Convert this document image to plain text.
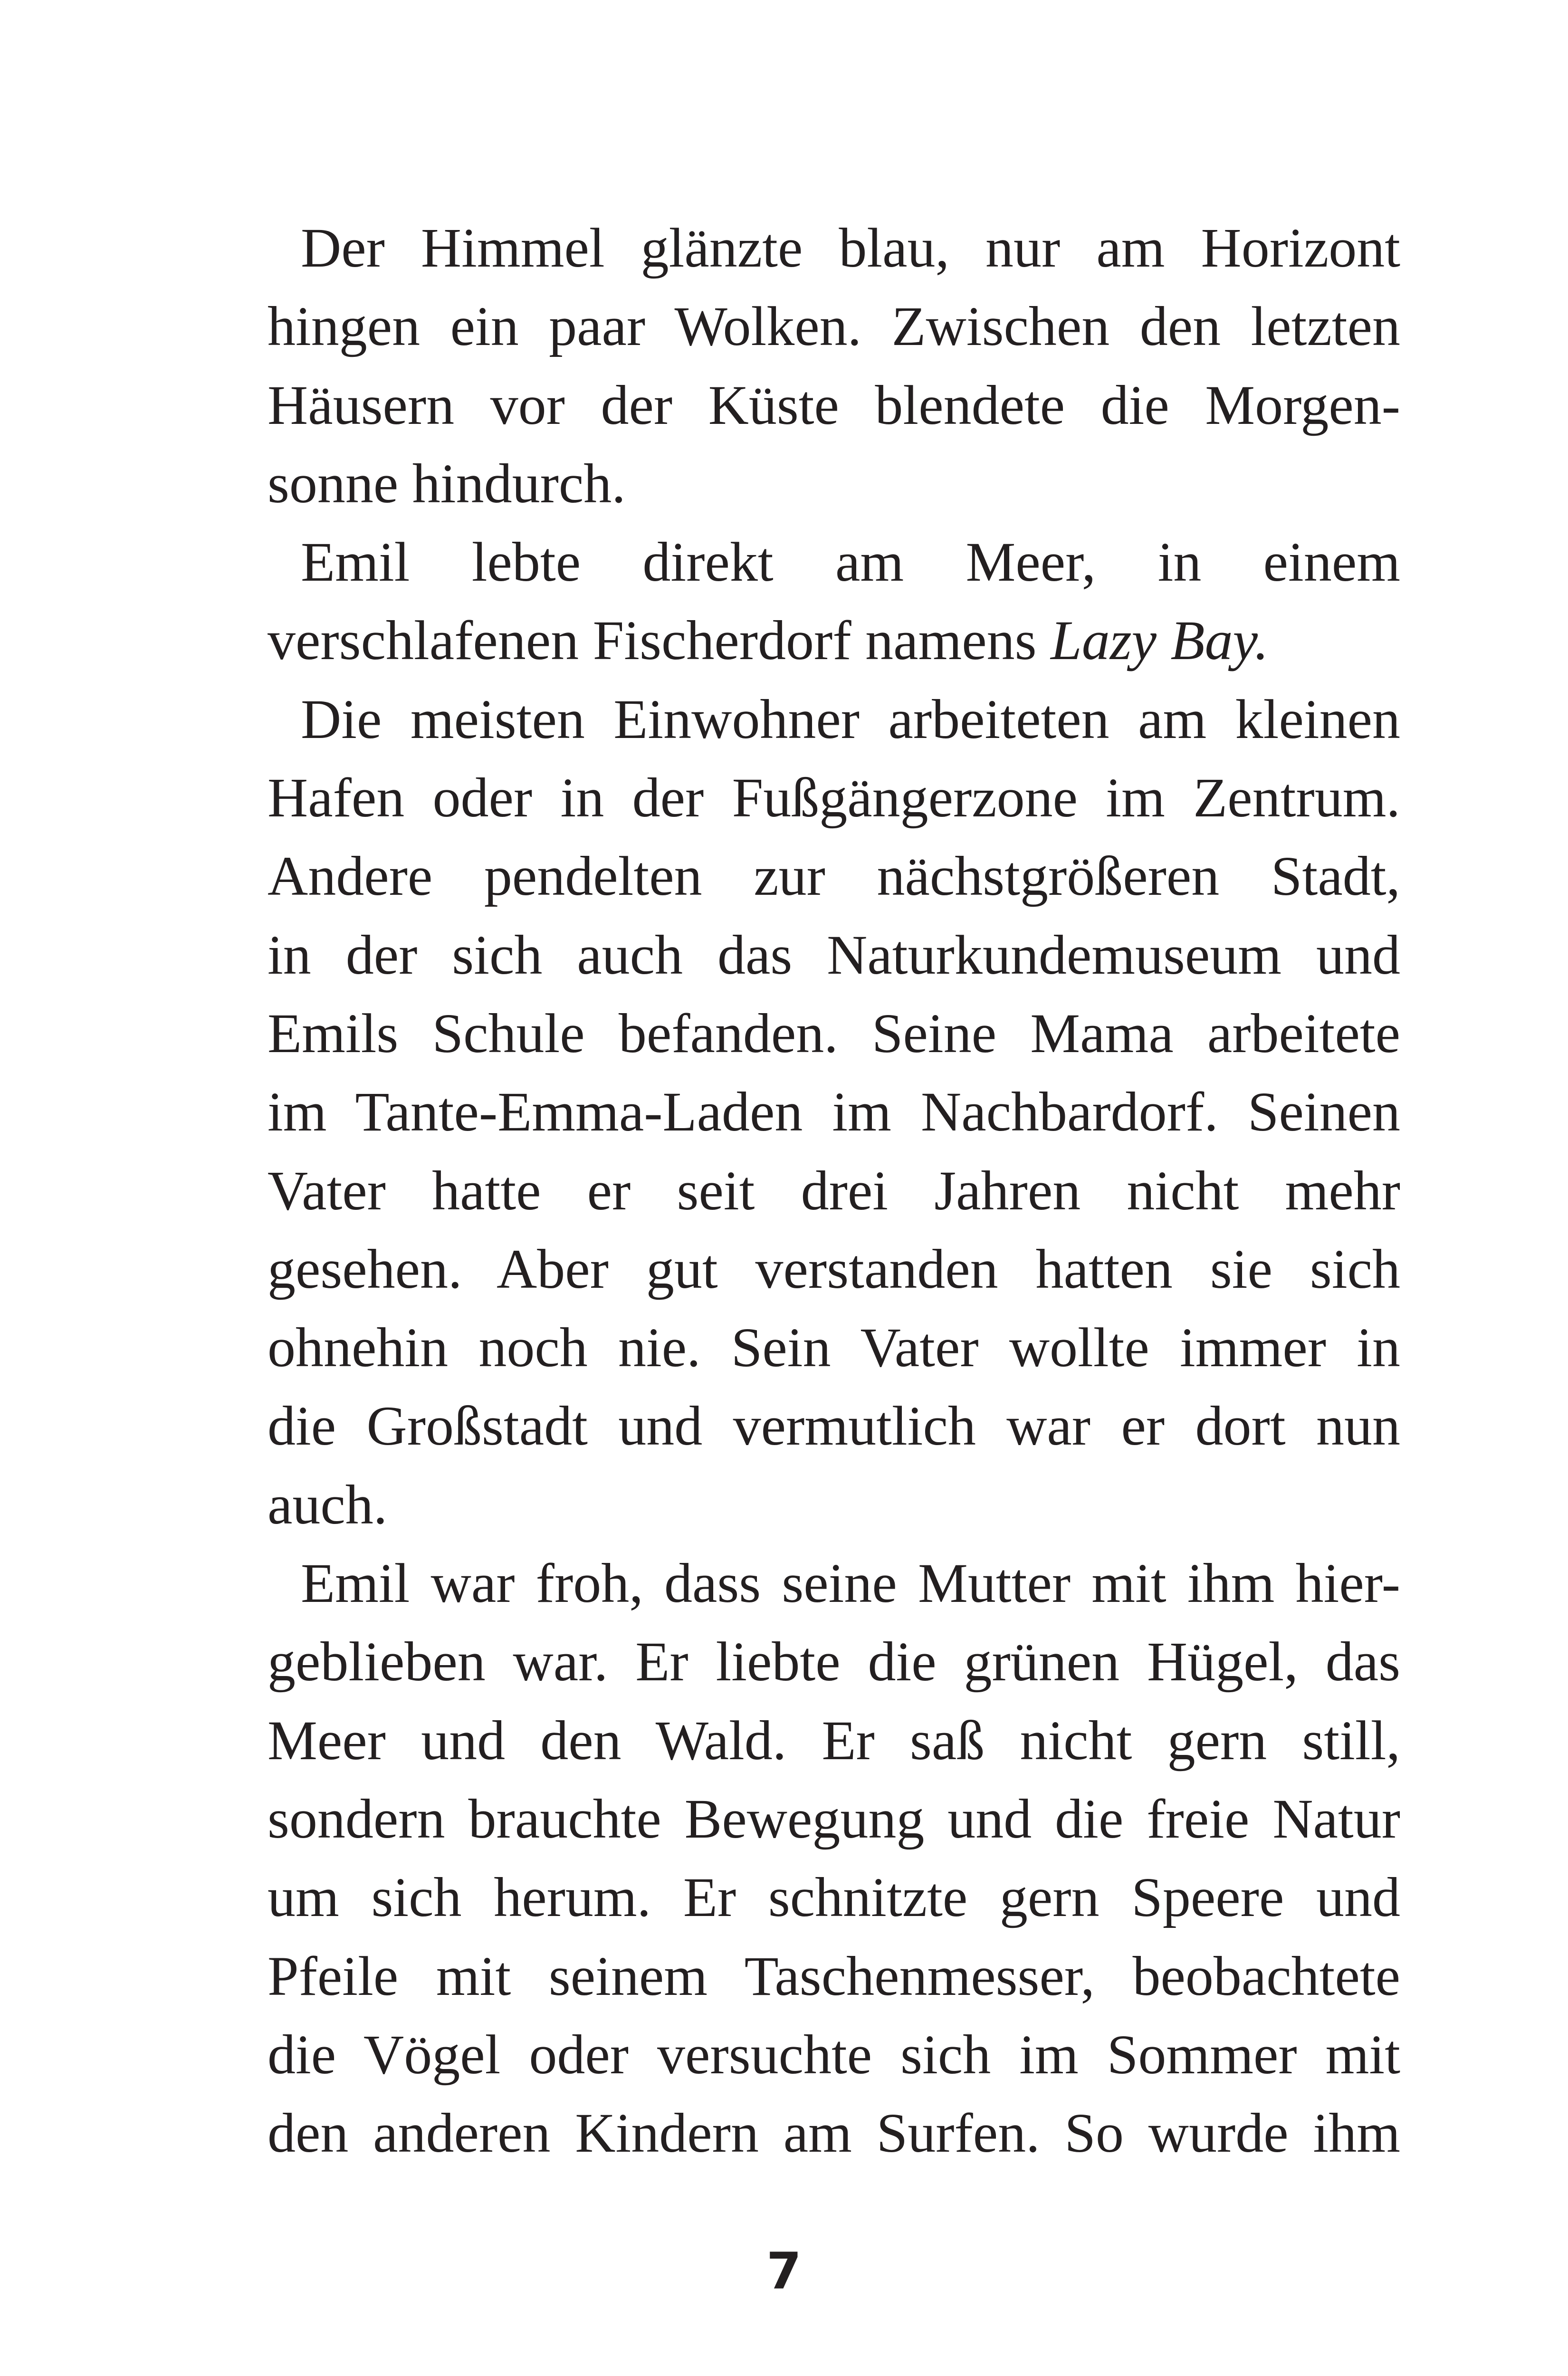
Der Himmel glänzte blau, nur am Horizont
hingen ein paar Wolken. Zwischen den letzten
Häusern vor der Küste blendete die Morgen-
sonne hindurch.
Emil lebte direkt am Meer, in einem
verschlafenen Fischerdorf namens Lazy Bay.
Die meisten Einwohner arbeiteten am kleinen
Hafen oder in der Fußgängerzone im Zentrum.
Andere pendelten zur nächstgrößeren Stadt,
in der sich auch das Naturkundemuseum und
Emils Schule befanden. Seine Mama arbeitete
im Tante-Emma-Laden im Nachbardorf. Seinen
Vater hatte er seit drei Jahren nicht mehr
gesehen. Aber gut verstanden hatten sie sich
ohnehin noch nie. Sein Vater wollte immer in
die Großstadt und vermutlich war er dort nun
auch.
Emil war froh, dass seine Mutter mit ihm hier-
geblieben war. Er liebte die grünen Hügel, das
Meer und den Wald. Er saß nicht gern still,
sondern brauchte Bewegung und die freie Natur
um sich herum. Er schnitzte gern Speere und
Pfeile mit seinem Taschenmesser, beobachtete
die Vögel oder versuchte sich im Sommer mit
den anderen Kindern am Surfen. So wurde ihm
7
